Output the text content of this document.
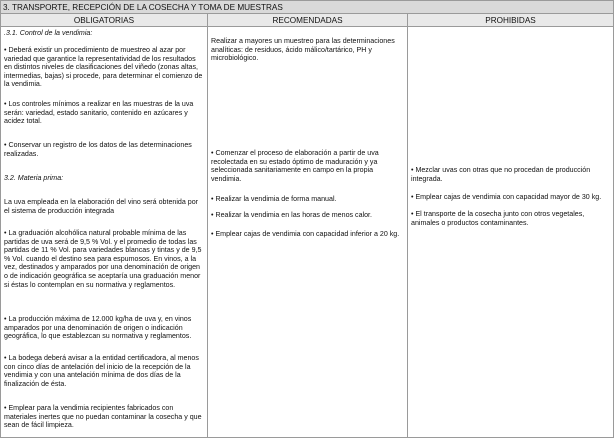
3. TRANSPORTE, RECEPCIÓN DE LA COSECHA Y TOMA DE MUESTRAS
OBLIGATORIAS	RECOMENDADAS	PROHIBIDAS

.3.1. Control de la vendimia:

• Deberá existir un procedimiento de muestreo al azar por variedad que garantice la representatividad de los resultados en distintos niveles de clasificaciones del viñedo (zonas altas, intermedias, bajas) si procede, para determinar el comienzo de la vendimia.

• Los controles mínimos a realizar en las muestras de la uva serán: variedad, estado sanitario, contenido en azúcares y acidez total.

• Conservar un registro de los datos de las determinaciones realizadas.

3.2. Materia prima:

La uva empleada en la elaboración del vino será obtenida por el sistema de producción integrada

• La graduación alcohólica natural probable mínima de las partidas de uva será de 9,5 % Vol. y el promedio de todas las partidas de 11 % Vol. para variedades blancas y tintas y de 9,5 % Vol. cuando el destino sea para espumosos. En vinos, a la vez, destinados y amparados por una denominación de origen o de indicación geográfica se aceptaría una graduación menor si éstas lo contemplan en su normativa y reglamentos.

• La producción máxima de 12.000 kg/ha de uva y, en vinos amparados por una denominación de origen o indicación geográfica, lo que establezcan su normativa y reglamentos.

• La bodega deberá avisar a la entidad certificadora, al menos con cinco días de antelación del inicio de la recepción de la vendimia y con una antelación mínima de dos días de la finalización de ésta.

• Emplear para la vendimia recipientes fabricados con materiales inertes que no puedan contaminar la cosecha y que sean de fácil limpieza.

Realizar a mayores un muestreo para las determinaciones analíticas: de residuos, ácido málico/tartárico, PH y microbiológico.

• Comenzar el proceso de elaboración a partir de uva recolectada en su estado óptimo de maduración y ya seleccionada sanitariamente en campo en la propia vendimia.

• Realizar la vendimia de forma manual.

• Realizar la vendimia en las horas de menos calor.

• Emplear cajas de vendimia con capacidad inferior a 20 kg.

• Mezclar uvas con otras que no procedan de producción integrada.

• Emplear cajas de vendimia con capacidad mayor de 30 kg.

• El transporte de la cosecha junto con otros vegetales, animales o productos contaminantes.
